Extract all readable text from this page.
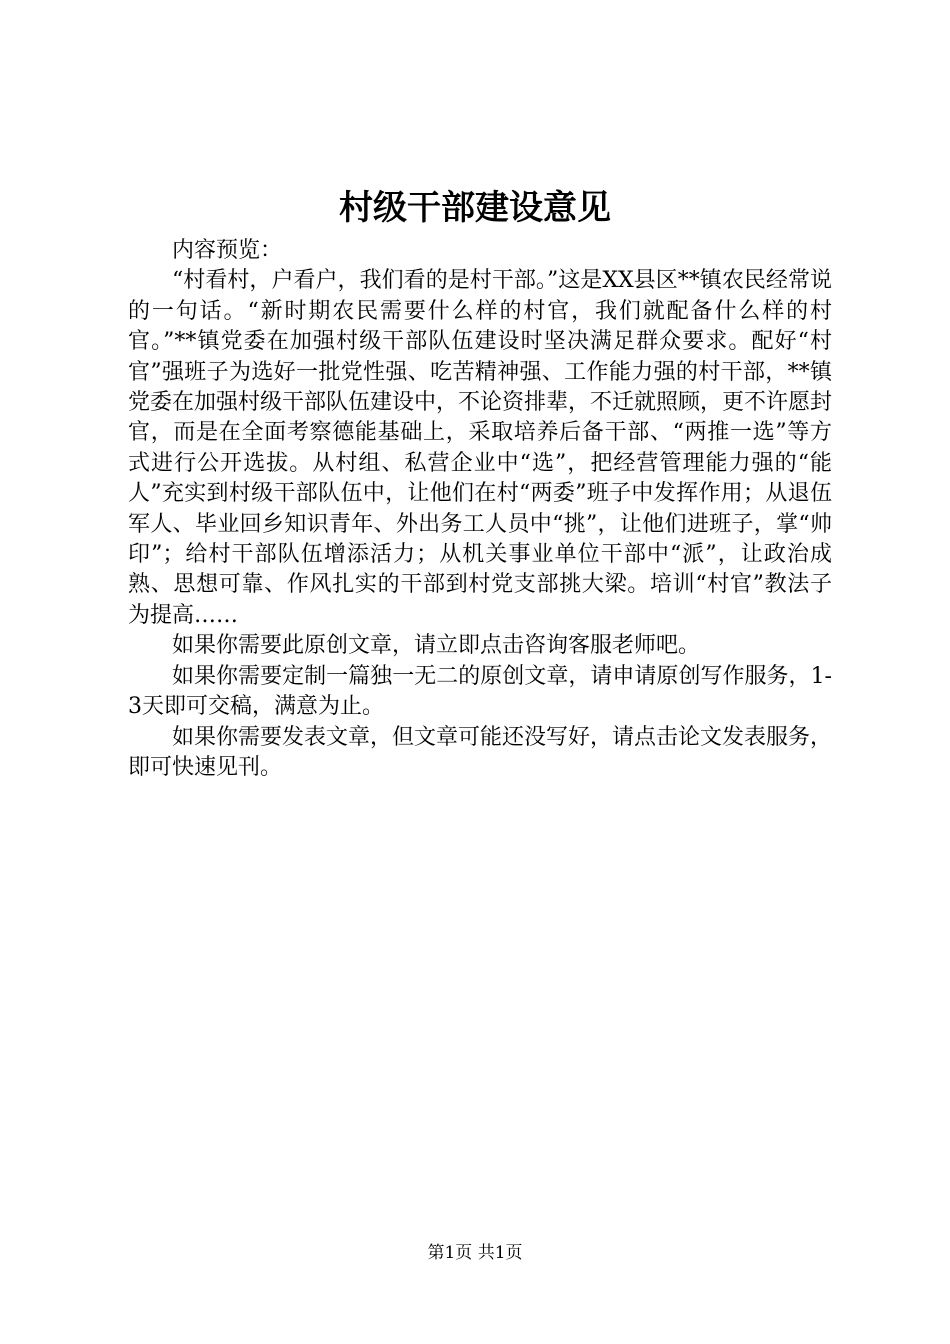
村级干部建设意见

内容预览：

“村看村，户看户，我们看的是村干部。”这是XX县区**镇农民经常说的一句话。“新时期农民需要什么样的村官，我们就配备什么样的村官。”**镇党委在加强村级干部队伍建设时坚决满足群众要求。配好“村官”强班子为选好一批党性强、吃苦精神强、工作能力强的村干部，**镇党委在加强村级干部队伍建设中，不论资排辈，不迁就照顾，更不许愿封官，而是在全面考察德能基础上，采取培养后备干部、“两推一选”等方式进行公开选拔。从村组、私营企业中“选”，把经营管理能力强的“能人”充实到村级干部队伍中，让他们在村“两委”班子中发挥作用；从退伍军人、毕业回乡知识青年、外出务工人员中“挑”，让他们进班子，掌“帅印”；给村干部队伍增添活力；从机关事业单位干部中“派”，让政治成熟、思想可靠、作风扎实的干部到村党支部挑大梁。培训“村官”教法子为提高……

如果你需要此原创文章，请立即点击咨询客服老师吧。

如果你需要定制一篇独一无二的原创文章，请申请原创写作服务，1-3天即可交稿，满意为止。

如果你需要发表文章，但文章可能还没写好，请点击论文发表服务，即可快速见刊。

第1页 共1页
